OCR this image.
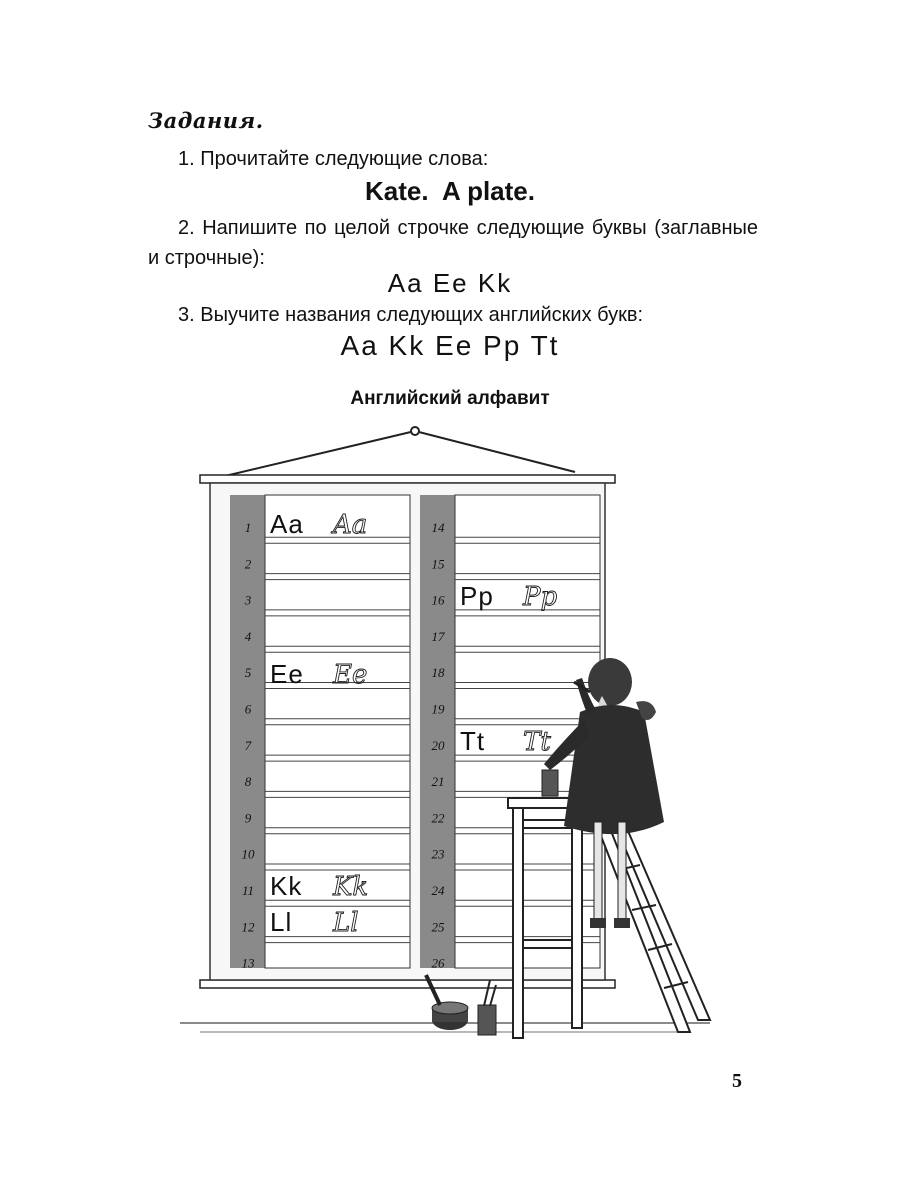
Задания.
1. Прочитайте следующие слова:
Kate.  A plate.
2. Напишите по целой строчке следующие буквы (заглавные и строчные):
Aa Ee Kk
3. Выучите названия следующих английских букв:
Aa Kk Ee Pp Tt
Английский алфавит
1
2
3
4
5
6
7
8
9
10
11
12
13
14
15
16
17
18
19
20
21
22
23
24
25
26
Aa Aa
Ee Ee
Kk Kk
Ll Ll
Pp Pp
Tt Tt
5
